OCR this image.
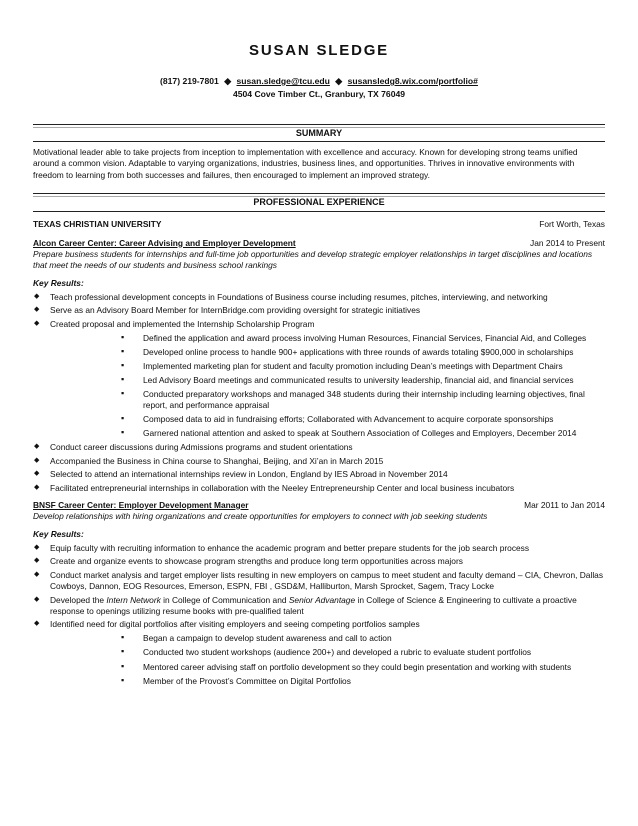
SUSAN SLEDGE
(817) 219-7801 ◆ susan.sledge@tcu.edu ◆ susansledg8.wix.com/portfolio#
4504 Cove Timber Ct., Granbury, TX 76049
SUMMARY
Motivational leader able to take projects from inception to implementation with excellence and accuracy. Known for developing strong teams unified around a common vision. Adaptable to varying organizations, industries, business lines, and opportunities. Thrives in innovative environments with freedom to learning from both successes and failures, then encouraged to implement an improved strategy.
PROFESSIONAL EXPERIENCE
TEXAS CHRISTIAN UNIVERSITY	Fort Worth, Texas
Alcon Career Center: Career Advising and Employer Development	Jan 2014 to Present
Prepare business students for internships and full-time job opportunities and develop strategic employer relationships in target disciplines and locations that meet the needs of our students and business school rankings
Key Results:
◆ Teach professional development concepts in Foundations of Business course including resumes, pitches, interviewing, and networking
◆ Serve as an Advisory Board Member for InternBridge.com providing oversight for strategic initiatives
◆ Created proposal and implemented the Internship Scholarship Program
▪ Defined the application and award process involving Human Resources, Financial Services, Financial Aid, and Colleges
▪ Developed online process to handle 900+ applications with three rounds of awards totaling $900,000 in scholarships
▪ Implemented marketing plan for student and faculty promotion including Dean’s meetings with Department Chairs
▪ Led Advisory Board meetings and communicated results to university leadership, financial aid, and financial services
▪ Conducted preparatory workshops and managed 348 students during their internship including learning objectives, final report, and performance appraisal
▪ Composed data to aid in fundraising efforts; Collaborated with Advancement to acquire corporate sponsorships
▪ Garnered national attention and asked to speak at Southern Association of Colleges and Employers, December 2014
◆ Conduct career discussions during Admissions programs and student orientations
◆ Accompanied the Business in China course to Shanghai, Beijing, and Xi’an in March 2015
◆ Selected to attend an international internships review in London, England by IES Abroad in November 2014
◆ Facilitated entrepreneurial internships in collaboration with the Neeley Entrepreneurship Center and local business incubators
BNSF Career Center: Employer Development Manager	Mar 2011 to Jan 2014
Develop relationships with hiring organizations and create opportunities for employers to connect with job seeking students
Key Results:
◆ Equip faculty with recruiting information to enhance the academic program and better prepare students for the job search process
◆ Create and organize events to showcase program strengths and produce long term opportunities across majors
◆ Conduct market analysis and target employer lists resulting in new employers on campus to meet student and faculty demand – CIA, Chevron, Dallas Cowboys, Dannon, EOG Resources, Emerson, ESPN, FBI , GSD&M, Halliburton, Marsh Sprocket, Sagem, Tracy Locke
◆ Developed the Intern Network in College of Communication and Senior Advantage in College of Science & Engineering to cultivate a proactive response to openings utilizing resume books with pre-qualified talent
◆ Identified need for digital portfolios after visiting employers and seeing competing portfolios samples
▪ Began a campaign to develop student awareness and call to action
▪ Conducted two student workshops (audience 200+) and developed a rubric to evaluate student portfolios
▪ Mentored career advising staff on portfolio development so they could begin presentation and working with students
▪ Member of the Provost’s Committee on Digital Portfolios
